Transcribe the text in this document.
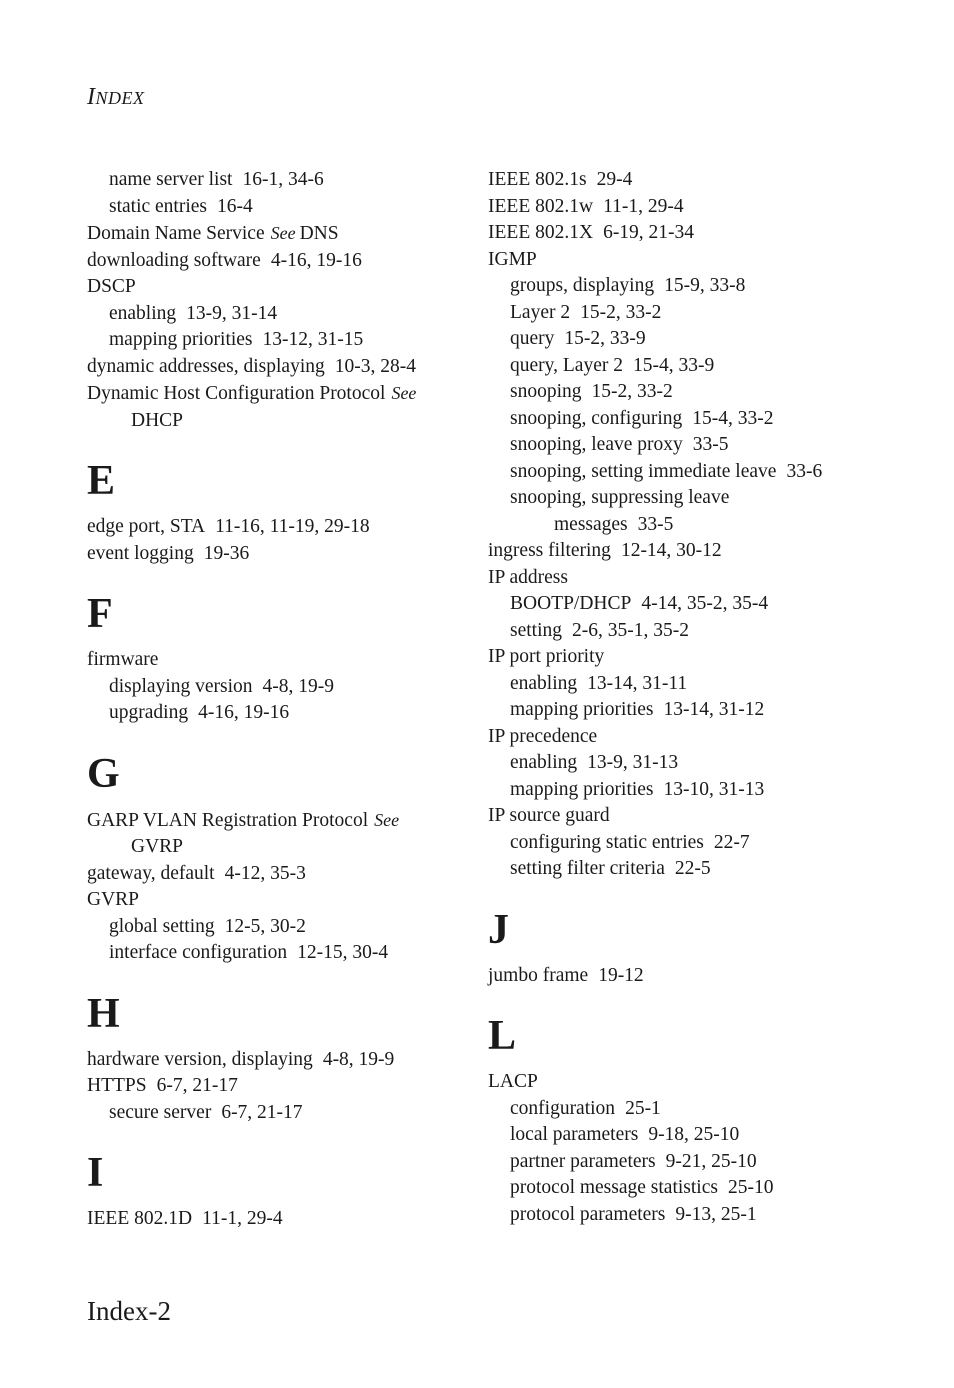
INDEX
name server list 16-1, 34-6
static entries 16-4
Domain Name Service See DNS
downloading software 4-16, 19-16
DSCP
enabling 13-9, 31-14
mapping priorities 13-12, 31-15
dynamic addresses, displaying 10-3, 28-4
Dynamic Host Configuration Protocol See
DHCP
E
edge port, STA 11-16, 11-19, 29-18
event logging 19-36
F
firmware
displaying version 4-8, 19-9
upgrading 4-16, 19-16
G
GARP VLAN Registration Protocol See
GVRP
gateway, default 4-12, 35-3
GVRP
global setting 12-5, 30-2
interface configuration 12-15, 30-4
H
hardware version, displaying 4-8, 19-9
HTTPS 6-7, 21-17
secure server 6-7, 21-17
I
IEEE 802.1D 11-1, 29-4
IEEE 802.1s 29-4
IEEE 802.1w 11-1, 29-4
IEEE 802.1X 6-19, 21-34
IGMP
groups, displaying 15-9, 33-8
Layer 2 15-2, 33-2
query 15-2, 33-9
query, Layer 2 15-4, 33-9
snooping 15-2, 33-2
snooping, configuring 15-4, 33-2
snooping, leave proxy 33-5
snooping, setting immediate leave 33-6
snooping, suppressing leave
messages 33-5
ingress filtering 12-14, 30-12
IP address
BOOTP/DHCP 4-14, 35-2, 35-4
setting 2-6, 35-1, 35-2
IP port priority
enabling 13-14, 31-11
mapping priorities 13-14, 31-12
IP precedence
enabling 13-9, 31-13
mapping priorities 13-10, 31-13
IP source guard
configuring static entries 22-7
setting filter criteria 22-5
J
jumbo frame 19-12
L
LACP
configuration 25-1
local parameters 9-18, 25-10
partner parameters 9-21, 25-10
protocol message statistics 25-10
protocol parameters 9-13, 25-1
Index-2
